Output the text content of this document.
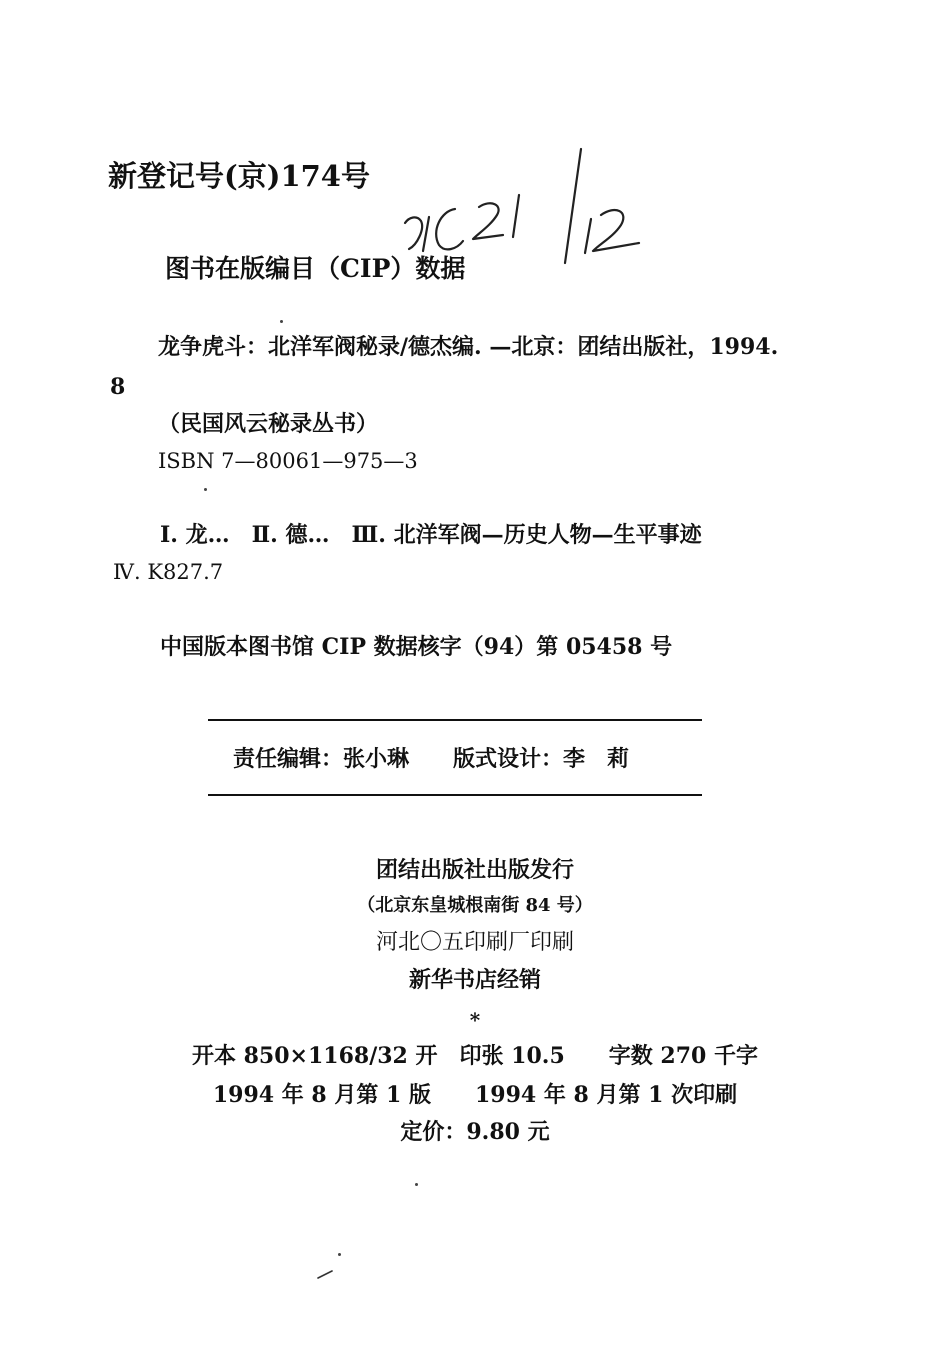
新登记号(京)174号
图书在版编目（CIP）数据
龙争虎斗：北洋军阀秘录/德杰编. —北京：团结出版社，1994.
8
（民国风云秘录丛书）
ISBN 7—80061—975—3
Ⅰ. 龙…　Ⅱ. 德…　Ⅲ. 北洋军阀—历史人物—生平事迹
Ⅳ. K827.7
中国版本图书馆 CIP 数据核字（94）第 05458 号
责任编辑：张小琳　　版式设计：李　莉
团结出版社出版发行
（北京东皇城根南街 84 号）
河北〇五印刷厂印刷
新华书店经销
*
开本 850×1168/32 开　印张 10.5　　字数 270 千字
1994 年 8 月第 1 版　　1994 年 8 月第 1 次印刷
定价：9.80 元
